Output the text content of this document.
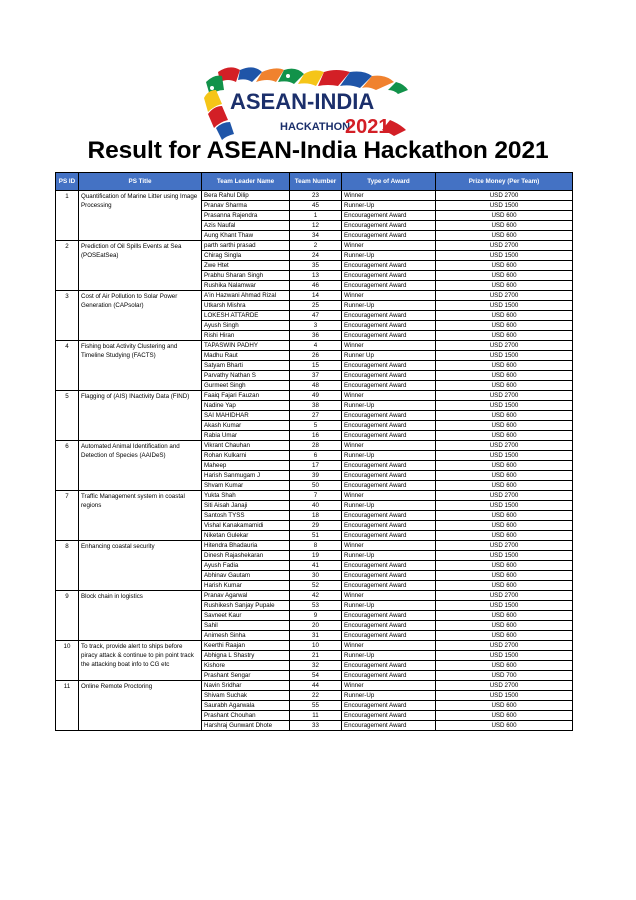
ASEAN-INDIA
HACKATHON
2021
Result for ASEAN-India Hackathon 2021
PS ID	PS Title	Team Leader Name	Team Number	Type of Award	Prize Money (Per Team)
1	Quantification of Marine Litter using Image Processing	Bera Rahul Dilip	23	Winner	USD 2700
		Pranav Sharma	45	Runner-Up	USD 1500
		Prasanna Rajendra	1	Encouragement Award	USD 600
		Azis Naufal	12	Encouragement Award	USD 600
		Aung Khant Thaw	34	Encouragement Award	USD 600
2	Prediction of Oil Spills Events at Sea (POSEatSea)	parth sarthi prasad	2	Winner	USD 2700
		Chirag Singla	24	Runner-Up	USD 1500
		Zwe Htet	35	Encouragement Award	USD 600
		Prabhu Sharan Singh	13	Encouragement Award	USD 600
		Rushika Nalamwar	46	Encouragement Award	USD 600
3	Cost of Air Pollution to Solar Power Generation (CAPsolar)	A'in Hazwani Ahmad Rizal	14	Winner	USD 2700
		Utkarsh Mishra	25	Runner-Up	USD 1500
		LOKESH ATTARDE	47	Encouragement Award	USD 600
		Ayush Singh	3	Encouragement Award	USD 600
		Rishi Hiran	36	Encouragement Award	USD 600
4	Fishing boat Activity Clustering and Timeline Studying (FACTS)	TAPASWIN PADHY	4	Winner	USD 2700
		Madhu Raut	26	Runner Up	USD 1500
		Satyam Bharti	15	Encouragement Award	USD 600
		Parvathy Nathan S	37	Encouragement Award	USD 600
		Gurmeet Singh	48	Encouragement Award	USD 600
5	Flagging of (AIS) INactivity Data (FIND)	Faaiq Fajari Fauzan	49	Winner	USD 2700
		Nadine Yap	38	Runner-Up	USD 1500
		SAI MAHIDHAR	27	Encouragement Award	USD 600
		Akash Kumar	5	Encouragement Award	USD 600
		Rabia Umar	16	Encouragement Award	USD 600
6	Automated Animal Identification and Detection of Species (AAIDeS)	Vikrant Chauhan	28	Winner	USD 2700
		Rohan Kulkarni	6	Runner-Up	USD 1500
		Maheep	17	Encouragement Award	USD 600
		Harish Sanmugam J	39	Encouragement Award	USD 600
		Shvam Kumar	50	Encouragement Award	USD 600
7	Traffic Management system in coastal regions	Yukta Shah	7	Winner	USD 2700
		Siti Aisah Janaji	40	Runner-Up	USD 1500
		Santosh TYSS	18	Encouragement Award	USD 600
		Vishal Kanakamamidi	29	Encouragement Award	USD 600
		Niketan Gulekar	51	Encouragement Award	USD 600
8	Enhancing coastal security	Hitendra Bhadauria	8	Winner	USD 2700
		Dinesh Rajashekaran	19	Runner-Up	USD 1500
		Ayush Fadia	41	Encouragement Award	USD 600
		Abhinav Gautam	30	Encouragement Award	USD 600
		Harish Kumar	52	Encouragement Award	USD 600
9	Block chain in logistics	Pranav Agarwal	42	Winner	USD 2700
		Rushikesh Sanjay Pupale	53	Runner-Up	USD 1500
		Savneet Kaur	9	Encouragement Award	USD 600
		Sahil	20	Encouragement Award	USD 600
		Animesh Sinha	31	Encouragement Award	USD 600
10	To track, provide alert to ships before piracy attack & continue to pin point track the attacking boat info to CG etc	Keerthi Raajan	10	Winner	USD 2700
		Abhigna L Shastry	21	Runner-Up	USD 1500
		Kishore	32	Encouragement Award	USD 600
		Prashant Sengar	54	Encouragement Award	USD 700
11	Online Remote Proctoring	Navin Sridhar	44	Winner	USD 2700
		Shivam Suchak	22	Runner-Up	USD 1500
		Saurabh Agarwala	55	Encouragement Award	USD 600
		Prashant Chouhan	11	Encouragement Award	USD 600
		Harshraj Gunwant Dhote	33	Encouragement Award	USD 600
